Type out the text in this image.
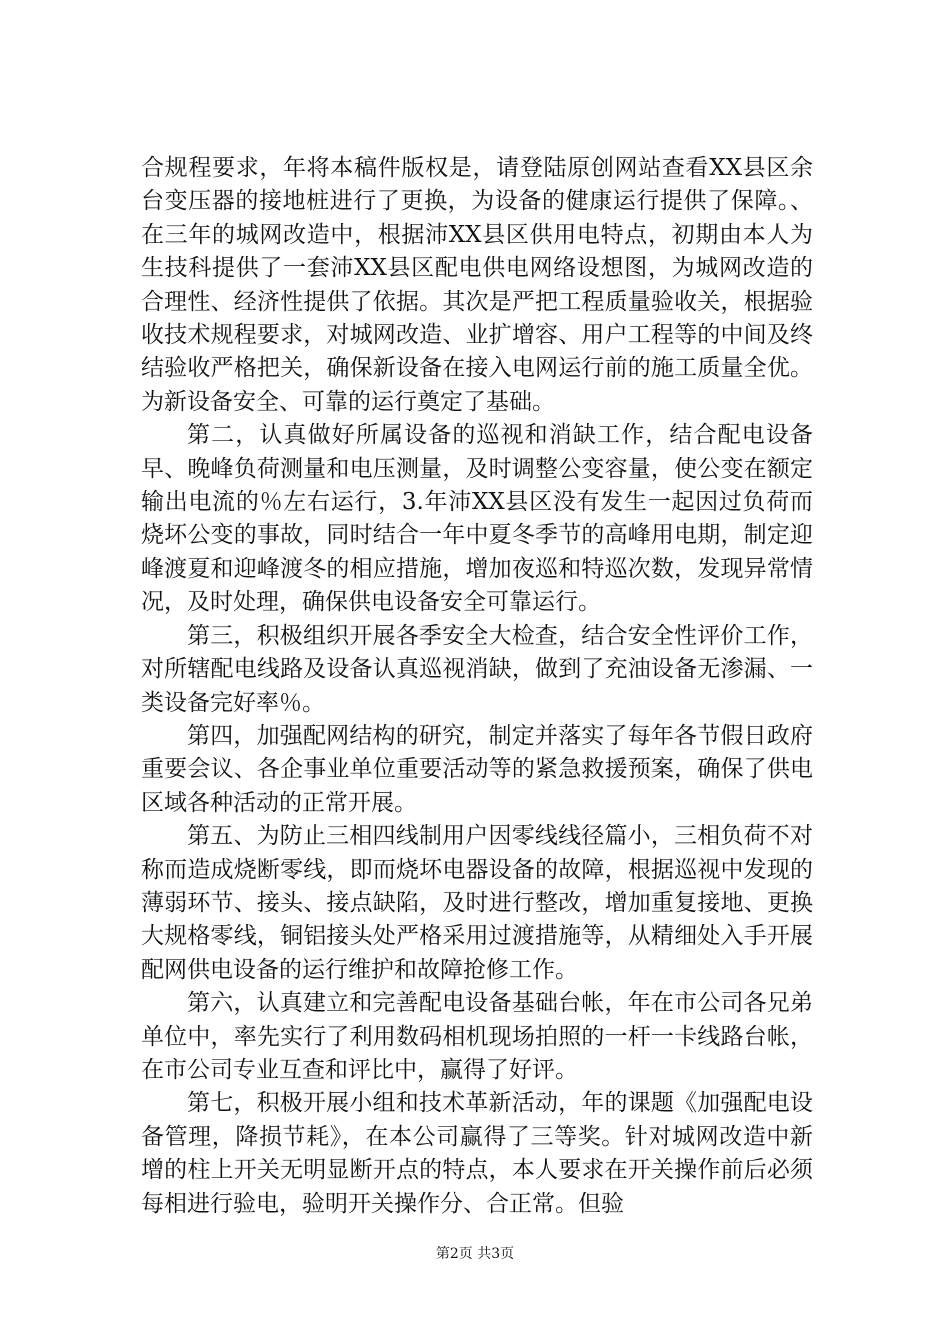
合规程要求，年将本稿件版权是，请登陆原创网站查看XX县区余台变压器的接地桩进行了更换，为设备的健康运行提供了保障。、在三年的城网改造中，根据沛XX县区供用电特点，初期由本人为生技科提供了一套沛XX县区配电供电网络设想图，为城网改造的合理性、经济性提供了依据。其次是严把工程质量验收关，根据验收技术规程要求，对城网改造、业扩增容、用户工程等的中间及终结验收严格把关，确保新设备在接入电网运行前的施工质量全优。为新设备安全、可靠的运行奠定了基础。

第二，认真做好所属设备的巡视和消缺工作，结合配电设备早、晚峰负荷测量和电压测量，及时调整公变容量，使公变在额定输出电流的％左右运行，3.年沛XX县区没有发生一起因过负荷而烧坏公变的事故，同时结合一年中夏冬季节的高峰用电期，制定迎峰渡夏和迎峰渡冬的相应措施，增加夜巡和特巡次数，发现异常情况，及时处理，确保供电设备安全可靠运行。

第三，积极组织开展各季安全大检查，结合安全性评价工作，对所辖配电线路及设备认真巡视消缺，做到了充油设备无渗漏、一类设备完好率％。

第四，加强配网结构的研究，制定并落实了每年各节假日政府重要会议、各企事业单位重要活动等的紧急救援预案，确保了供电区域各种活动的正常开展。

第五、为防止三相四线制用户因零线线径篇小，三相负荷不对称而造成烧断零线，即而烧坏电器设备的故障，根据巡视中发现的薄弱环节、接头、接点缺陷，及时进行整改，增加重复接地、更换大规格零线，铜铝接头处严格采用过渡措施等，从精细处入手开展配网供电设备的运行维护和故障抢修工作。

第六，认真建立和完善配电设备基础台帐，年在市公司各兄弟单位中，率先实行了利用数码相机现场拍照的一杆一卡线路台帐，在市公司专业互查和评比中，赢得了好评。

第七，积极开展小组和技术革新活动，年的课题《加强配电设备管理，降损节耗》，在本公司赢得了三等奖。针对城网改造中新增的柱上开关无明显断开点的特点，本人要求在开关操作前后必须每相进行验电，验明开关操作分、合正常。但验

第2页 共3页
